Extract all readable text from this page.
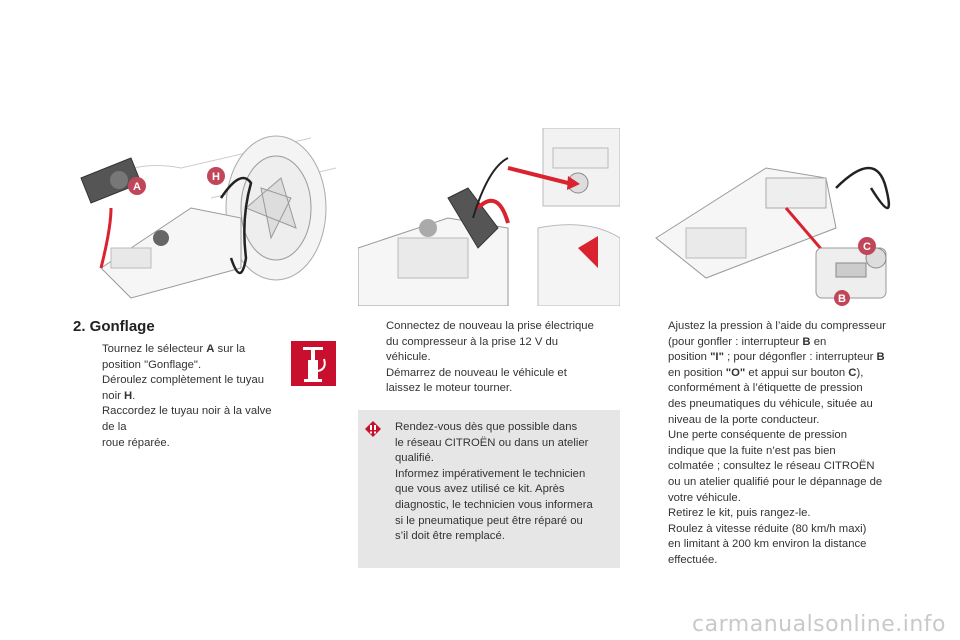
A
H
C
B
2. Gonflage
Tournez le sélecteur A sur la
position "Gonflage".
Déroulez complètement le tuyau
noir H.
Raccordez le tuyau noir à la valve de la
roue réparée.
Connectez de nouveau la prise électrique
du compresseur à la prise 12 V du
véhicule.
Démarrez de nouveau le véhicule et
laissez le moteur tourner.
Rendez-vous dès que possible dans
le réseau CITROËN ou dans un atelier
qualifié.
Informez impérativement le technicien
que vous avez utilisé ce kit. Après
diagnostic, le technicien vous informera
si le pneumatique peut être réparé ou
s’il doit être remplacé.
Ajustez la pression à l’aide du compresseur
(pour gonfler : interrupteur B en
position "I" ; pour dégonfler : interrupteur B
en position "O" et appui sur bouton C),
conformément à l’étiquette de pression
des pneumatiques du véhicule, située au
niveau de la porte conducteur.
Une perte conséquente de pression
indique que la fuite n’est pas bien
colmatée ; consultez le réseau CITROËN
ou un atelier qualifié pour le dépannage de
votre véhicule.
Retirez le kit, puis rangez-le.
Roulez à vitesse réduite (80 km/h maxi)
en limitant à 200 km environ la distance
effectuée.
carmanualsonline.info
